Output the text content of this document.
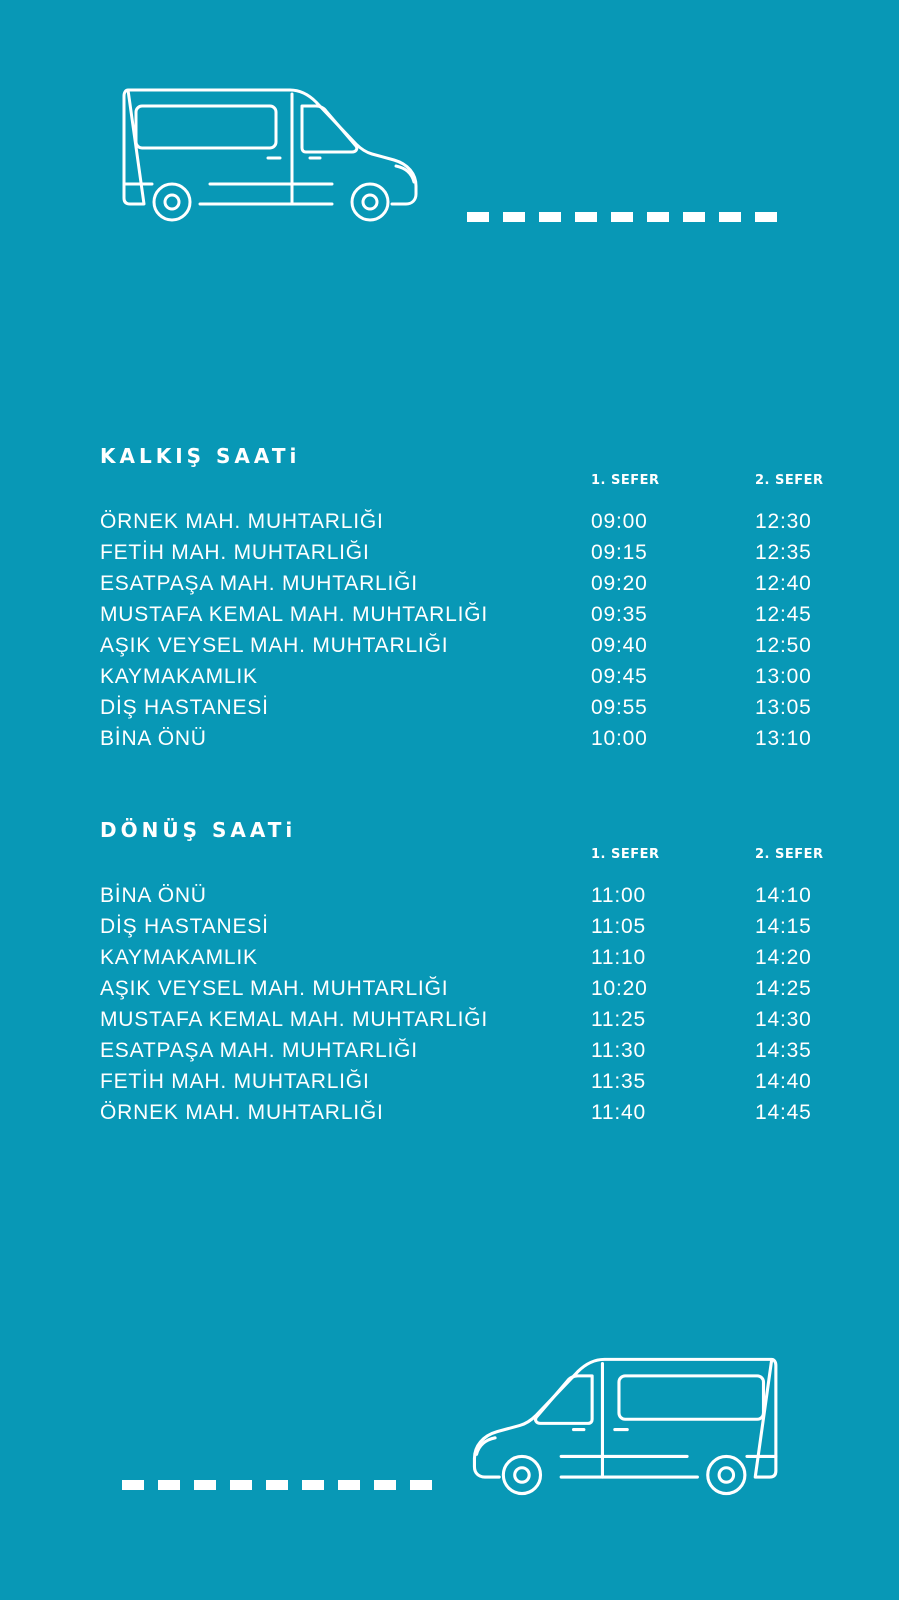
KALKIŞ SAATi
1. SEFER	2. SEFER
ÖRNEK MAH. MUHTARLIĞI	09:00	12:30
FETİH MAH. MUHTARLIĞI	09:15	12:35
ESATPAŞA MAH. MUHTARLIĞI	09:20	12:40
MUSTAFA KEMAL MAH. MUHTARLIĞI	09:35	12:45
AŞIK VEYSEL MAH. MUHTARLIĞI	09:40	12:50
KAYMAKAMLIK	09:45	13:00
DİŞ HASTANESİ	09:55	13:05
BİNA ÖNÜ	10:00	13:10
DÖNÜŞ SAATi
1. SEFER	2. SEFER
BİNA ÖNÜ	11:00	14:10
DİŞ HASTANESİ	11:05	14:15
KAYMAKAMLIK	11:10	14:20
AŞIK VEYSEL MAH. MUHTARLIĞI	10:20	14:25
MUSTAFA KEMAL MAH. MUHTARLIĞI	11:25	14:30
ESATPAŞA MAH. MUHTARLIĞI	11:30	14:35
FETİH MAH. MUHTARLIĞI	11:35	14:40
ÖRNEK MAH. MUHTARLIĞI	11:40	14:45
